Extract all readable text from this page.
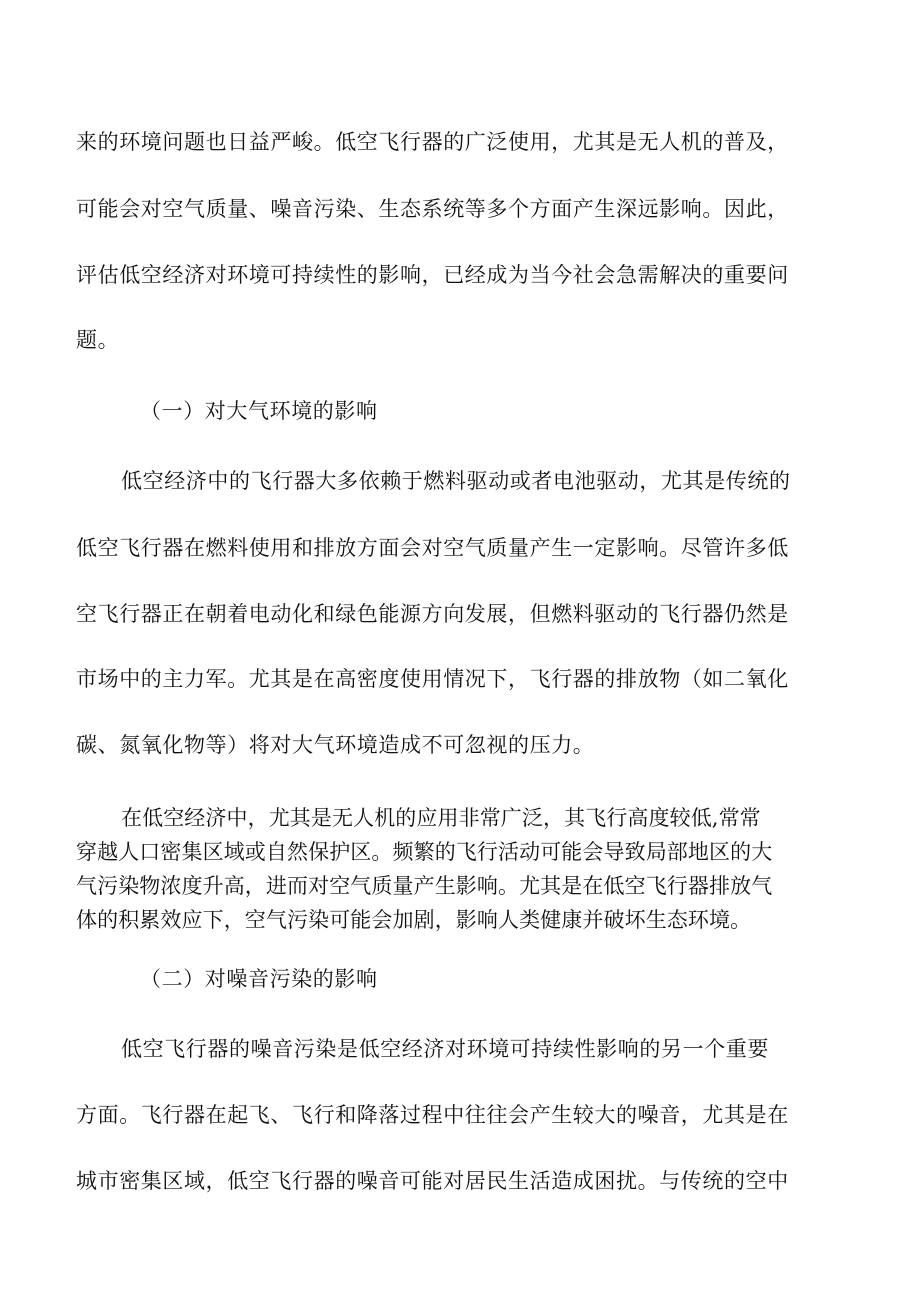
来的环境问题也日益严峻。低空飞行器的广泛使用，尤其是无人机的普及，
可能会对空气质量、噪音污染、生态系统等多个方面产生深远影响。因此，
评估低空经济对环境可持续性的影响，已经成为当今社会急需解决的重要问
题。
（一）对大气环境的影响
低空经济中的飞行器大多依赖于燃料驱动或者电池驱动，尤其是传统的
低空飞行器在燃料使用和排放方面会对空气质量产生一定影响。尽管许多低
空飞行器正在朝着电动化和绿色能源方向发展，但燃料驱动的飞行器仍然是
市场中的主力军。尤其是在高密度使用情况下，飞行器的排放物（如二氧化
碳、氮氧化物等）将对大气环境造成不可忽视的压力。
在低空经济中，尤其是无人机的应用非常广泛，其飞行高度较低,常常
穿越人口密集区域或自然保护区。频繁的飞行活动可能会导致局部地区的大
气污染物浓度升高，进而对空气质量产生影响。尤其是在低空飞行器排放气
体的积累效应下，空气污染可能会加剧，影响人类健康并破坏生态环境。
（二）对噪音污染的影响
低空飞行器的噪音污染是低空经济对环境可持续性影响的另一个重要
方面。飞行器在起飞、飞行和降落过程中往往会产生较大的噪音，尤其是在
城市密集区域，低空飞行器的噪音可能对居民生活造成困扰。与传统的空中
